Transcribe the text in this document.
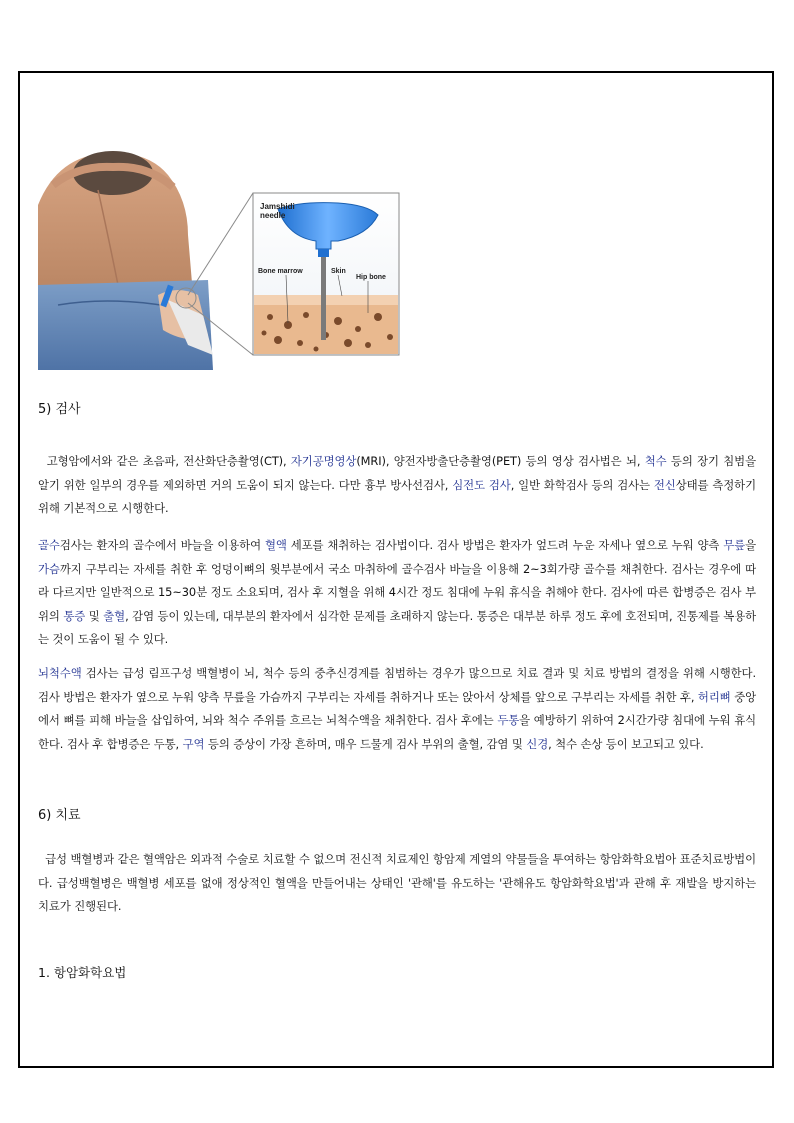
Jamshidi
needle
Bone marrow	Skin
Hip bone
5) 검사

고형암에서와 같은 초음파, 전산화단층촬영(CT), 자기공명영상(MRI), 양전자방출단층촬영(PET) 등의 영상 검사법은 뇌, 척수 등의 장기 침범을 알기 위한 일부의 경우를 제외하면 거의 도움이 되지 않는다. 다만 흉부 방사선검사, 심전도 검사, 일반 화학검사 등의 검사는 전신상태를 측정하기 위해 기본적으로 시행한다.

골수검사는 환자의 골수에서 바늘을 이용하여 혈액 세포를 채취하는 검사법이다. 검사 방법은 환자가 엎드려 누운 자세나 옆으로 누워 양측 무릎을 가슴까지 구부리는 자세를 취한 후 엉덩이뼈의 윗부분에서 국소 마취하에 골수검사 바늘을 이용해 2~3회가량 골수를 채취한다. 검사는 경우에 따라 다르지만 일반적으로 15~30분 정도 소요되며, 검사 후 지혈을 위해 4시간 정도 침대에 누워 휴식을 취해야 한다. 검사에 따른 합병증은 검사 부위의 통증 및 출혈, 감염 등이 있는데, 대부분의 환자에서 심각한 문제를 초래하지 않는다. 통증은 대부분 하루 정도 후에 호전되며, 진통제를 복용하는 것이 도움이 될 수 있다.

뇌척수액 검사는 급성 림프구성 백혈병이 뇌, 척수 등의 중추신경계를 침범하는 경우가 많으므로 치료 결과 및 치료 방법의 결정을 위해 시행한다. 검사 방법은 환자가 옆으로 누워 양측 무릎을 가슴까지 구부리는 자세를 취하거나 또는 앉아서 상체를 앞으로 구부리는 자세를 취한 후, 허리뼈 중앙에서 뼈를 피해 바늘을 삽입하여, 뇌와 척수 주위를 흐르는 뇌척수액을 채취한다. 검사 후에는 두통을 예방하기 위하여 2시간가량 침대에 누워 휴식한다. 검사 후 합병증은 두통, 구역 등의 증상이 가장 흔하며, 매우 드물게 검사 부위의 출혈, 감염 및 신경, 척수 손상 등이 보고되고 있다.

6) 치료

급성 백혈병과 같은 혈액암은 외과적 수술로 치료할 수 없으며 전신적 치료제인 항암제 계열의 약물들을 투여하는 항암화학요법아 표준치료방법이다. 급성백혈병은 백혈병 세포를 없애 정상적인 혈액을 만들어내는 상태인 '관해'를 유도하는 '관해유도 항암화학요법'과 관해 후 재발을 방지하는 치료가 진행된다.

1. 항암화학요법
